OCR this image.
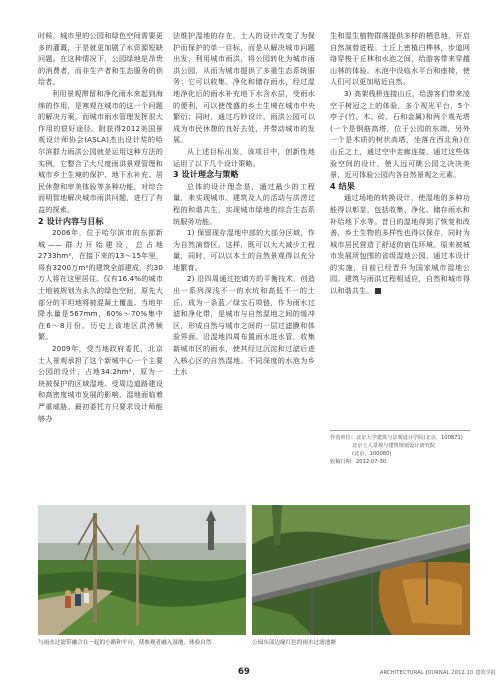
时候，城市里的公园和绿色空间需要更多的灌溉，于是就更加剧了水资源短缺问题。在这种情况下，公园绿地是昂贵的消费者，而非生产者和生态服务的供给者。

利用景观滞留和净化雨水来起到海绵的作用，是寒观在城市的这一个问题的解决方案，而城市雨水管理发挥很大作用的很好途径。附获得2012美国景观设计师协会(ASLA)杰出设计奖的哈尔滨群力雨洪公园就是运用这种方法的实例，它整合了大尺度雨洪景观管理和城市乡土生境的保护、地下水补充、居民休憩和审美体验等多种功能，对综合而明智地解决城市雨洪问题，进行了有益的探索。

2 设计内容与目标

2006年，位于哈尔滨市的东部新城——群力开始建设，总占地2733hm²，在接下来的13～15年里，将有3200万m²的建筑全部建成，约30万人将在这里居住。仅有16.4%的城市土地被规划为永久的绿色空间，原先大部分的平坦地将被混凝土覆盖。当地年降水量是567mm，60%～70%集中在6～8月份。历史上该地区洪涝频繁。

2009年，受当地政府委托，北京土人景观承担了这个新城中心一个主要公园的设计，占地34.2hm²，原为一块被保护的区域湿地。受周边道路建设和高密度城市发展的影响，湿地面临着严重威胁。最初委托方只要求设计师能够办

法维护湿地的存在，土人的设计改变了为保护而保护的单一目标，而是从解决城市问题出发，利用城市雨洪，将公园转化为城市雨洪公园，从而为城市提供了多重生态系统服务：它可以收集、净化和储存雨水，经过湿地净化后的雨水补充地下水含水层，受雨水的便利，可以使茂盛的乡土生境在城市中央繁衍；同时，通过巧妙设计，雨洪公园可以成为市民休憩的良好去处，并带动城市的发展。

从上述目标出发，该项目中，创新性地运用了以下几个设计策略。

3 设计理念与策略

总体的设计理念是，通过最少的工程量，来实现城市、建筑及人的活动与洪涝过程的和谐共生，实现城市绿地的综合生态系统服务功能。

1) 保留现存湿地中部的大部分区域，作为自然演替区。这样，既可以大大减少工程量，同时，可以以本土的自然景观得以充分地繁育。

2) 沿四周通过挖填方的平衡技术，创造出一系列深浅不一的水坑和高低不一的土丘，成为一条蓝／绿宝石项链，作为雨水过滤和净化带，是城市与自然湿地之间的缓冲区，形成自然与城市之间的一层过滤膜和体验界面。沿湿地四周布置雨水进水管，收集新城市区的雨水，使其经过沉淀和过滤后进入核心区的自然湿地。不同深度的水泡为乡土水

生和湿生植物群落提供多样的栖息地，开启自然演替进程。土丘上密植白桦林，步道网络穿梭于丘林和水泡之间，给游客带来穿越山林的体验。水泡中设临水平台和座椅，使人们可以更加贴近自然。

3) 高架栈桥连接山丘，给游客们带来凌空于树冠之上的体验，多个视光平台，5个亭子(竹、木、砖、石和金属)和两个观光塔(一个是钢筋高塔，位于公园的东端，另外一个是木质的树状高塔，坐落在西北角)在山丘之上，通过空中走廊连接，通过这些体验空间的设计，使人远可眺公园之决决美景，近可体验公园内各自然景观之元素。

4 结果

通过场地的转换设计，使湿地的多种功能得以彰显，包括收集、净化、储存雨水和补给地下水等。昔日的湿地得到了恢复和改善，乡土生物的多样性也得以保存，同时为城市居民营造了舒适的宿住环境。原来被城市发展所包围的省级湿地公园，通过本设计的实施，目前已经晋升为国家城市湿地公园。建筑与雨洪过程相适应，自然和城市得以和谐共生。

作者单位：北京大学建筑与景观设计学院(北京，100871)
北京土人景观与建筑规划设计研究院
(北京，100080)
收稿日期：2012-07-30
与雨水过滤带融合在一起的小路和平台，使参观者融入湿地、体验自然	公园东部边缘红色的雨水过滤池塘
69	ARCHITECTURAL JOURNAL 2012.10 建筑学报
